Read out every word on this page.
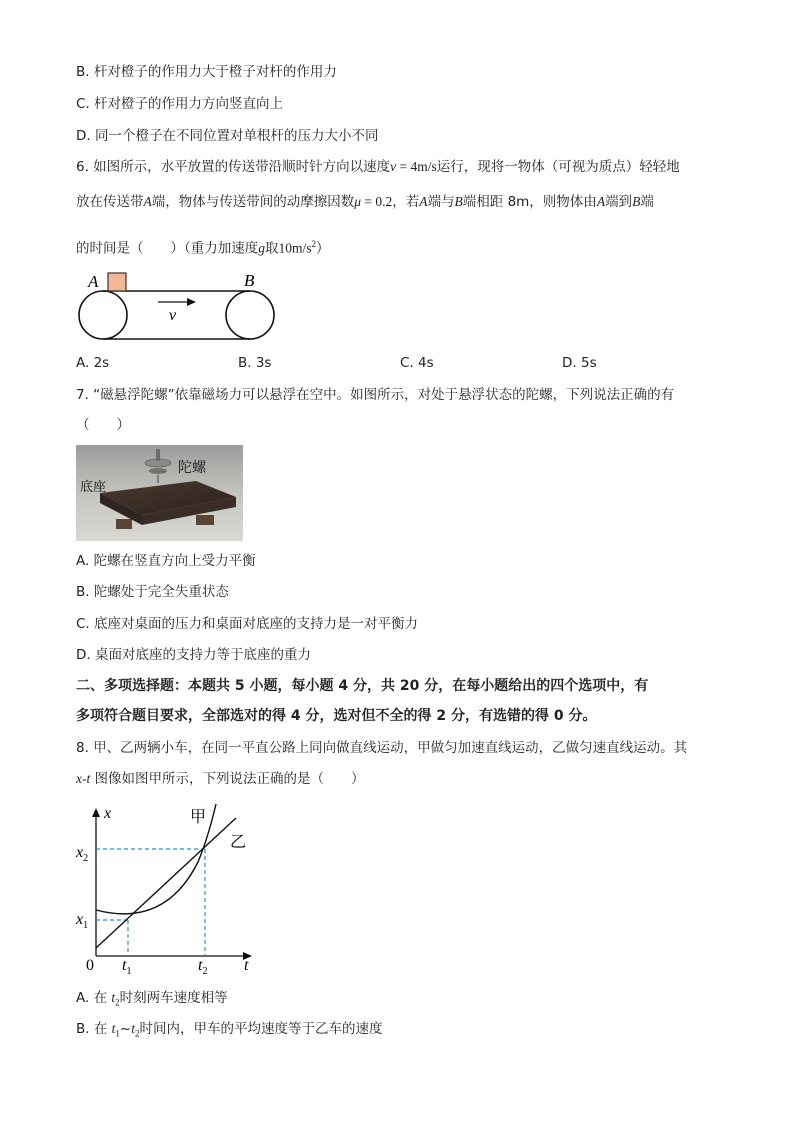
B. 杆对橙子的作用力大于橙子对杆的作用力
C. 杆对橙子的作用力方向竖直向上
D. 同一个橙子在不同位置对单根杆的压力大小不同
6. 如图所示，水平放置的传送带沿顺时针方向以速度v = 4m/s运行，现将一物体（可视为质点）轻轻地
放在传送带A端，物体与传送带间的动摩擦因数μ = 0.2，若A端与B端相距 8m，则物体由A端到B端
的时间是（　　）（重力加速度g取$10m/s^2$）
A	B
v
A. 2s	B. 3s	C. 4s	D. 5s
7. “磁悬浮陀螺”依靠磁场力可以悬浮在空中。如图所示，对处于悬浮状态的陀螺，下列说法正确的有
（　　）
陀螺
底座
A. 陀螺在竖直方向上受力平衡
B. 陀螺处于完全失重状态
C. 底座对桌面的压力和桌面对底座的支持力是一对平衡力
D. 桌面对底座的支持力等于底座的重力
二、多项选择题：本题共 5 小题，每小题 4 分，共 20 分，在每小题给出的四个选项中，有
多项符合题目要求，全部选对的得 4 分，选对但不全的得 2 分，有选错的得 0 分。
8. 甲、乙两辆小车，在同一平直公路上同向做直线运动，甲做匀加速直线运动，乙做匀速直线运动。其
x-t 图像如图甲所示，下列说法正确的是（　　）
x
t
0
甲
乙
$x_2$
$x_1$
$t_1$	$t_2$
A. 在 $t_2$时刻两车速度相等
B. 在 $t_1\sim t_2$时间内，甲车的平均速度等于乙车的速度
